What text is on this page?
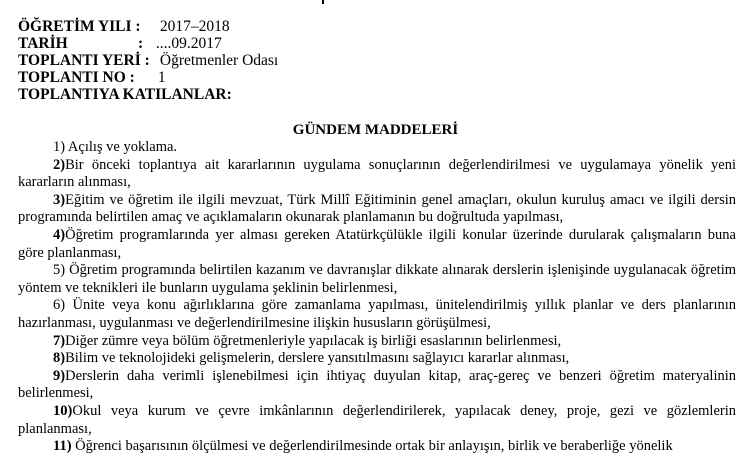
ÖĞRETİM YILI : 2017–2018
TARİH	: ....09.2017
TOPLANTI YERİ : Öğretmenler Odası
TOPLANTI NO : 1
TOPLANTIYA KATILANLAR:
GÜNDEM MADDELERİ

1) Açılış ve yoklama.

2)Bir önceki toplantıya ait kararlarının uygulama sonuçlarının değerlendirilmesi ve uygulamaya yönelik yeni kararların alınması,

3)Eğitim ve öğretim ile ilgili mevzuat, Türk Millî Eğitiminin genel amaçları, okulun kuruluş amacı ve ilgili dersin programında belirtilen amaç ve açıklamaların okunarak planlamanın bu doğrultuda yapılması,

4)Öğretim programlarında yer alması gereken Atatürkçülükle ilgili konular üzerinde durularak çalışmaların buna göre planlanması,

5) Öğretim programında belirtilen kazanım ve davranışlar dikkate alınarak derslerin işlenişinde uygulanacak öğretim yöntem ve teknikleri ile bunların uygulama şeklinin belirlenmesi,

6) Ünite veya konu ağırlıklarına göre zamanlama yapılması, ünitelendirilmiş yıllık planlar ve ders planlarının hazırlanması, uygulanması ve değerlendirilmesine ilişkin hususların görüşülmesi,

7)Diğer zümre veya bölüm öğretmenleriyle yapılacak iş birliği esaslarının belirlenmesi,

8)Bilim ve teknolojideki gelişmelerin, derslere yansıtılmasını sağlayıcı kararlar alınması,

9)Derslerin daha verimli işlenebilmesi için ihtiyaç duyulan kitap, araç-gereç ve benzeri öğretim materyalinin belirlenmesi,

10)Okul veya kurum ve çevre imkânlarının değerlendirilerek, yapılacak deney, proje, gezi ve gözlemlerin planlanması,

11) Öğrenci başarısının ölçülmesi ve değerlendirilmesinde ortak bir anlayışın, birlik ve beraberliğe yönelik
